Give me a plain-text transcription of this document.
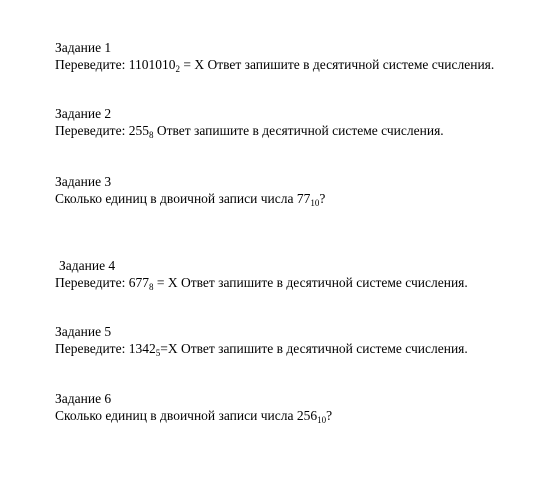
Задание 1
Переведите: $1101010_2 = X$ Ответ запишите в десятичной системе счисления.
Задание 2
Переведите: $255_8$ Ответ запишите в десятичной системе счисления.
Задание 3
Сколько единиц в двоичной записи числа $77_{10}$?
Задание 4
Переведите: $677_8 = X$ Ответ запишите в десятичной системе счисления.
Задание 5
Переведите: $1342_5=X$ Ответ запишите в десятичной системе счисления.
Задание 6
Сколько единиц в двоичной записи числа $256_{10}$?
